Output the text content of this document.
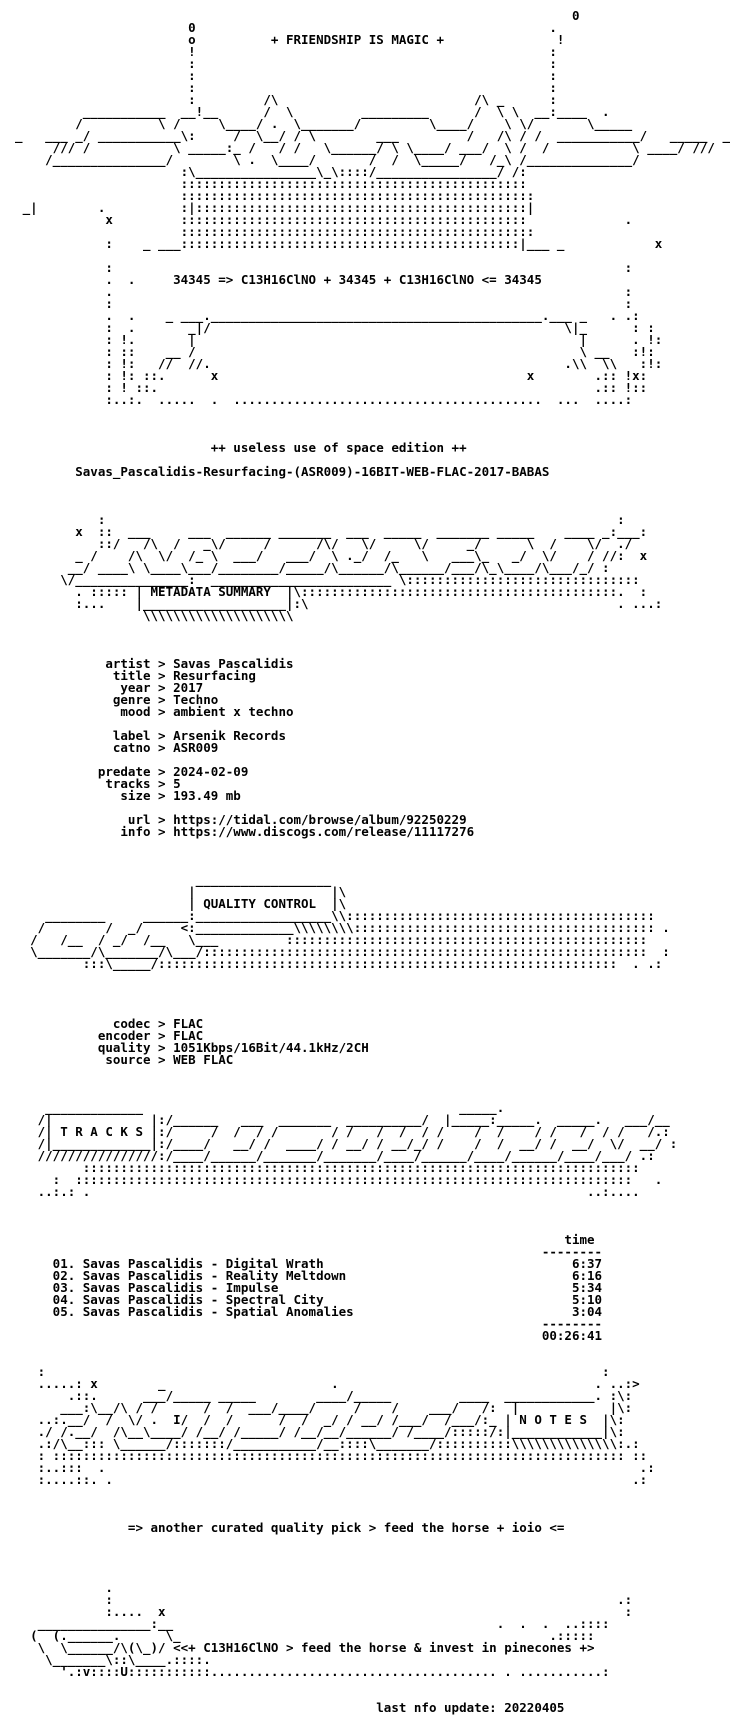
0
0                                               .
o          + FRIENDSHIP IS MAGIC +               !
!                                               :
:                                               :
:                                               :
:                                               :
:         /\                          /\ _      :
___________  __!__      /  \         _________      /  \ \  __:____  .
/          \ /     \____/ .  \_______/         \____/    \ \/       \_____
_   ___ _/ ___________\:     /  \__/ / \        ___         /   /\ / /  ___________/   _____  _
/// /           \ _____:_ /   / /   \______/ \ \____/ ___/  \ /  /           \ ____/ ///
/_______________/        \ .  \____/       /  /  \_____/   /_\ /______________/
:\________________\_\::::/________________/ /:
::::::::::::::::::::::::::::::::::::::::::::::
:::::::::::::::::::::::::::::::::::::::::::::::
_|        .          :|::::::::::::::::::::::::::::::::::::::::::::|
x         ::::::::::::::::::::::::::::::::::::::::::::::             .
:::::::::::::::::::::::::::::::::::::::::::::::
:    _ ___:::::::::::::::::::::::::::::::::::::::::::::|___ _            x

:                                                                    :
.  .     34345 => C13H16ClNO + 34345 + C13H16ClNO <= 34345
.                                                                    :
:                                                                    :
.  .    _ ___.____________________________________________.___ _   . .:
:  .       _|/                                               \|_      : :
: !.       |                                                   |      . !:
: ::    __ /                                                   \ __   :!:
: !:   //  //.                                               .\\  \\   :!:
: !: ::.      x                                         x        .:: !x:
: ! ::.                                                          .:: !::
:..:.  .....  .  .........................................  ...  ....:

++ useless use of space edition ++

Savas_Pascalidis-Resurfacing-(ASR009)-16BIT-WEB-FLAC-2017-BABAS

:                                                                    :
x  ::  ___     ___  ______ _______  ___  _____  _______ _____    ____ _:___:
::/   /\  /   _\/     /      /\/   \/     \/     _/      \  /    \/  ./
_ /    /\  \/  /_ \  ___/   ___/  \ ._/  /_   \   ___\_   _/  \/    / //:  x
__/ ____\ \____\___/________/_____/\______/\______/___/\_\____/\___/_/ :
\/_______________:  ________________________ \:::::::::::::::::::::::::::::::
. ::::: | METADATA SUMMARY  |\::::::::::::::::::::::::::::::::::::::::::.  :
:...    |___________________|:\                                         . ...:
\\\\\\\\\\\\\\\\\\\\

artist > Savas Pascalidis
title > Resurfacing
year > 2017
genre > Techno
mood > ambient x techno

label > Arsenik Records
catno > ASR009

predate > 2024-02-09
tracks > 5
size > 193.49 mb

url > https://tidal.com/browse/album/92250229
info > https://www.discogs.com/release/11117276

__________________
|                  |\
| QUALITY CONTROL  |\
________     ______:__________________\\:::::::::::::::::::::::::::::::::::::::::
/        /  _/     <:_____________\\\\\\\\:::::::::::::::::::::::::::::::::::::::: .
/   /__  / _/  /__   \___         ::::::::::::::::::::::::::::::::::::::::::::::::
\_______/\_______/\___/:::::::::::::::::::::::::::::::::::::::::::::::::::::::::::  :
:::\_____/:::::::::::::::::::::::::::::::::::::::::::::::::::::::::::::  . .:

codec > FLAC
encoder > FLAC
quality > 1051Kbps/16Bit/44.1kHz/2CH
source > WEB FLAC

_____________                                          _____.
/|             |:/______   ___  _______  __________/  |_____:_____.  _____.   ___/__
/| T R A C K S |:/     /  /  / /       / /   /  /  / /    /  /    / /   /  / /   /.:
/|_____________|:/____/   __/ /  ____/ / __/ / __/_/ /    /  /  __/ /  __/  \/  __/ :
////////////////:/____/______/_______/_______/____/______/____/______/____/___/ .:
::::::::::::::::::::::::::::::::::::::::::::::::::::::::::::::::::::::::::
:  ::::::::::::::::::::::::::::::::::::::::::::::::::::::::::::::::::::::::::   .
..:.: .                                                                  ..:....

time
--------
01. Savas Pascalidis - Digital Wrath                                 6:37
02. Savas Pascalidis - Reality Meltdown                              6:16
03. Savas Pascalidis - Impulse                                       5:34
04. Savas Pascalidis - Spectral City                                 5:10
05. Savas Pascalidis - Spatial Anomalies                             3:04
--------
00:26:41

:                                                                          :
.....: x        _                      .                                  . ..:>
.::.      ___/_____ _____        ____/_____         ____  ____________. :\:
___:\__/\ / /      /  /  ___/____/     /    /    ___/   /:  |            |\:
..:.__/  /  \/ .  I/  /  /      /  /  _/ / __/ /___/  /___/:_ | N O T E S  |\:
./ /.__/  /\__\____/ /__/ /_____/ /__/__/______/ /____/:::::/:|____________|\:
.:/\__::: \______/:::::::/___________/__::::\_______/::::::::::\\\\\\\\\\\\\\:.:
: :::::::::::::::::::::::::::::::::::::::::::::::::::::::::::::::::::::::::::: ::
:..:::  .                                                                       .:
:....::. .                                                                     .:

=> another curated quality pick > feed the horse + ioio <=

.
:                                                                   .:
:....  x                                                             :
_______________:__                                           .  .  .  ..::::
(  (.______.      \_                                                 .:::::
\  \______/\(\_)/ <<+ C13H16ClNO > feed the horse & invest in pinecones +>
\_______\::\____.::::.
'.:v::::U:::::::::::...................................... . ...........:

last nfo update: 20220405
